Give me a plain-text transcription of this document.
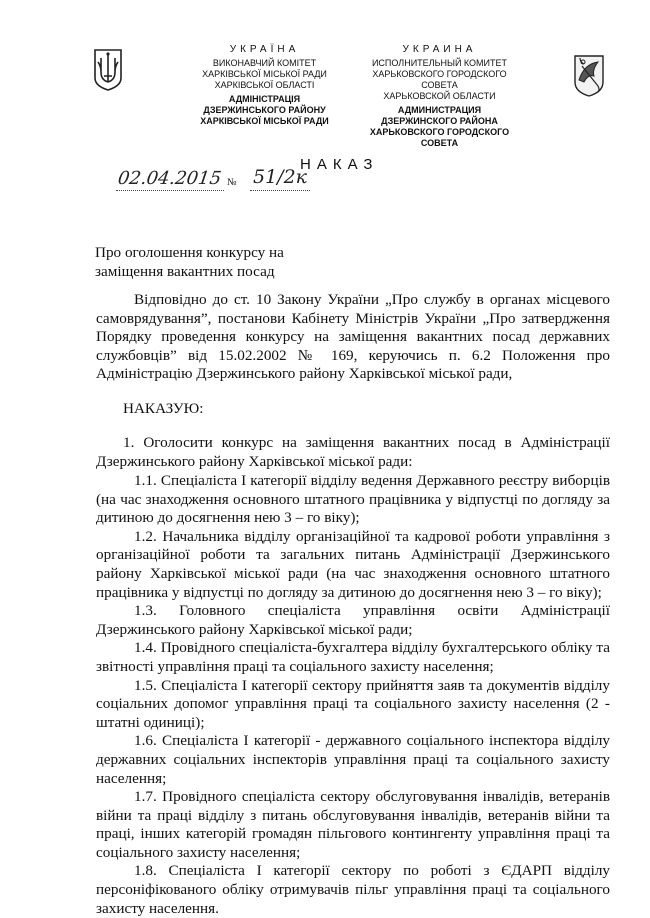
УКРАЇНА
ВИКОНАВЧИЙ КОМІТЕТ
ХАРКІВСЬКОЇ МІСЬКОЇ РАДИ
ХАРКІВСЬКОЇ ОБЛАСТІ
АДМІНІСТРАЦІЯ
ДЗЕРЖИНСЬКОГО РАЙОНУ
ХАРКІВСЬКОЇ МІСЬКОЇ РАДИ
УКРАИНА
ИСПОЛНИТЕЛЬНЫЙ КОМИТЕТ
ХАРЬКОВСКОГО ГОРОДСКОГО СОВЕТА
ХАРЬКОВСКОЙ ОБЛАСТИ
АДМИНИСТРАЦИЯ
ДЗЕРЖИНСКОГО РАЙОНА
ХАРЬКОВСКОГО ГОРОДСКОГО СОВЕТА
НАКАЗ
02.04.2015 № 51/2к
Про оголошення конкурсу на
заміщення вакантних посад

Відповідно до ст. 10 Закону України „Про службу в органах місцевого самоврядування”, постанови Кабінету Міністрів України „Про затвердження Порядку проведення конкурсу на заміщення вакантних посад державних службовців” від 15.02.2002 № 169, керуючись п. 6.2 Положення про Адміністрацію Дзержинського району Харківської міської ради,

НАКАЗУЮ:

1. Оголосити конкурс на заміщення вакантних посад в Адміністрації Дзержинського району Харківської міської ради:

1.1. Спеціаліста І категорії відділу ведення Державного реєстру виборців (на час знаходження основного штатного працівника у відпустці по догляду за дитиною до досягнення нею 3 – го віку);

1.2. Начальника відділу організаційної та кадрової роботи управління з організаційної роботи та загальних питань Адміністрації Дзержинського району Харківської міської ради (на час знаходження основного штатного працівника у відпустці по догляду за дитиною до досягнення нею 3 – го віку);

1.3. Головного спеціаліста управління освіти Адміністрації Дзержинського району Харківської міської ради;

1.4. Провідного спеціаліста-бухгалтера відділу бухгалтерського обліку та звітності управління праці та соціального захисту населення;

1.5. Спеціаліста І категорії сектору прийняття заяв та документів відділу соціальних допомог управління праці та соціального захисту населення (2 - штатні одиниці);

1.6. Спеціаліста І категорії - державного соціального інспектора відділу державних соціальних інспекторів управління праці та соціального захисту населення;

1.7. Провідного спеціаліста сектору обслуговування інвалідів, ветеранів війни та праці відділу з питань обслуговування інвалідів, ветеранів війни та праці, інших категорій громадян пільгового контингенту управління праці та соціального захисту населення;

1.8. Спеціаліста І категорії сектору по роботі з ЄДАРП відділу персоніфікованого обліку отримувачів пільг управління праці та соціального захисту населення.
